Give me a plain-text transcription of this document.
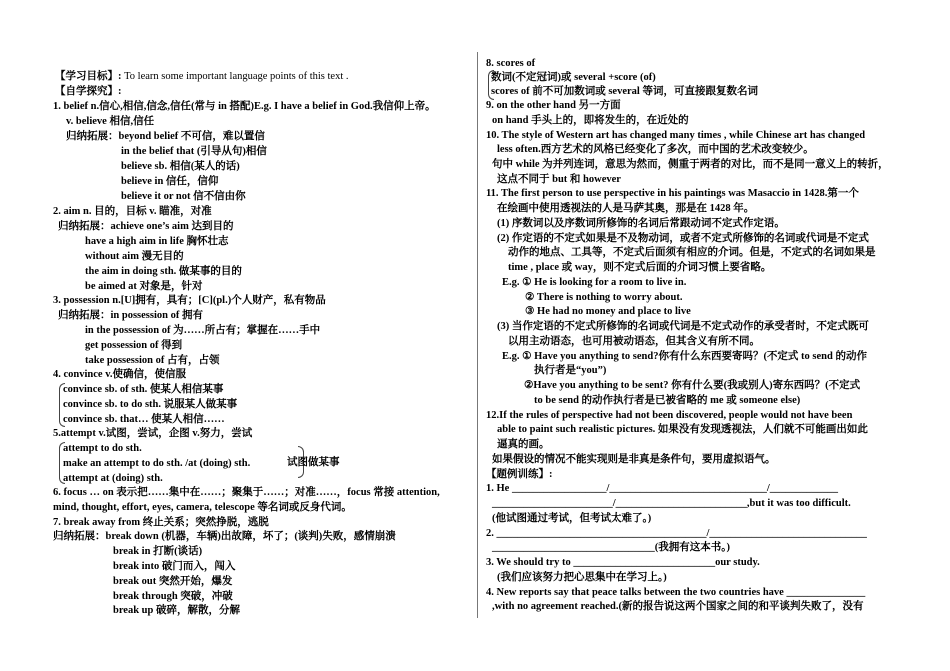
【学习目标】: To learn some important language points of this text .
【自学探究】:
1. belief n.信心,相信,信念,信任(常与 in 搭配)E.g. I have a belief in God.我信仰上帝。
v. believe 相信,信任
归纳拓展：beyond belief 不可信，难以置信
in the belief that (引导从句)相信
believe sb. 相信(某人的话)
believe in 信任，信仰
believe it or not 信不信由你
2. aim n. 目的，目标 v. 瞄准，对准
归纳拓展：achieve one’s aim 达到目的
have a high aim in life 胸怀壮志
without aim 漫无目的
the aim in doing sth. 做某事的目的
be aimed at 对象是，针对
3. possession n.[U]拥有，具有；[C](pl.)个人财产，私有物品
归纳拓展：in possession of 拥有
in the possession of 为……所占有；掌握在……手中
get possession of 得到
take possession of 占有，占领
4. convince v.使确信，使信服
convince sb. of sth. 使某人相信某事
convince sb. to do sth. 说服某人做某事
convince sb. that… 使某人相信……
5.attempt v.试图，尝试，企图 v.努力，尝试
attempt to do sth.
make an attempt to do sth. /at (doing) sth.
attempt at (doing) sth.
试图做某事
6. focus … on 表示把……集中在……；聚集于……；对准……，focus 常接 attention,
mind, thought, effort, eyes, camera, telescope 等名词或反身代词。
7. break away from 终止关系；突然挣脱，逃脱
归纳拓展：break down (机器，车辆)出故障，坏了；(谈判)失败，感情崩溃
break in 打断(谈话)
break into 破门而入，闯入
break out 突然开始，爆发
break through 突破，冲破
break up 破碎，解散，分解
8. scores of
数词(不定冠词)或 several +score (of)
scores of 前不可加数词或 several 等词，可直接跟复数名词
9. on the other hand 另一方面
on hand 手头上的，即将发生的，在近处的
10. The style of Western art has changed many times , while Chinese art has changed
less often.西方艺术的风格已经变化了多次，而中国的艺术改变较少。
句中 while 为并列连词，意思为然而，侧重于两者的对比，而不是同一意义上的转折，
这点不同于 but 和 however
11. The first person to use perspective in his paintings was Masaccio in 1428.第一个
在绘画中使用透视法的人是马萨其奥，那是在 1428 年。
(1) 序数词以及序数词所修饰的名词后常跟动词不定式作定语。
(2) 作定语的不定式如果是不及物动词，或者不定式所修饰的名词或代词是不定式
动作的地点、工具等，不定式后面须有相应的介词。但是，不定式的名词如果是
time , place 或 way，则不定式后面的介词习惯上要省略。
E.g. ① He is looking for a room to live in.
② There is nothing to worry about.
③ He had no money and place to live
(3) 当作定语的不定式所修饰的名词或代词是不定式动作的承受者时，不定式既可
以用主动语态，也可用被动语态，但其含义有所不同。
E.g. ① Have you anything to send?你有什么东西要寄吗？(不定式 to send 的动作
执行者是“you”)
②Have you anything to be sent? 你有什么要(我或别人)寄东西吗？(不定式
to be send 的动作执行者是已被省略的 me 或 someone else)
12.If the rules of perspective had not been discovered, people would not have been
able to paint such realistic pictures. 如果没有发现透视法，人们就不可能画出如此
逼真的画。
如果假设的情况不能实现则是非真是条件句，要用虚拟语气。
【题例训练】:
1. He __________________/______________________________/_____________
_______________________/_________________________,but it was too difficult.
(他试图通过考试，但考试太难了。)
2. ________________________________________/______________________________
_______________________________(我拥有这本书。)
3. We should try to ___________________________our study.
(我们应该努力把心思集中在学习上。)
4. New reports say that peace talks between the two countries have _______________
,with no agreement reached.(新的报告说这两个国家之间的和平谈判失败了，没有
